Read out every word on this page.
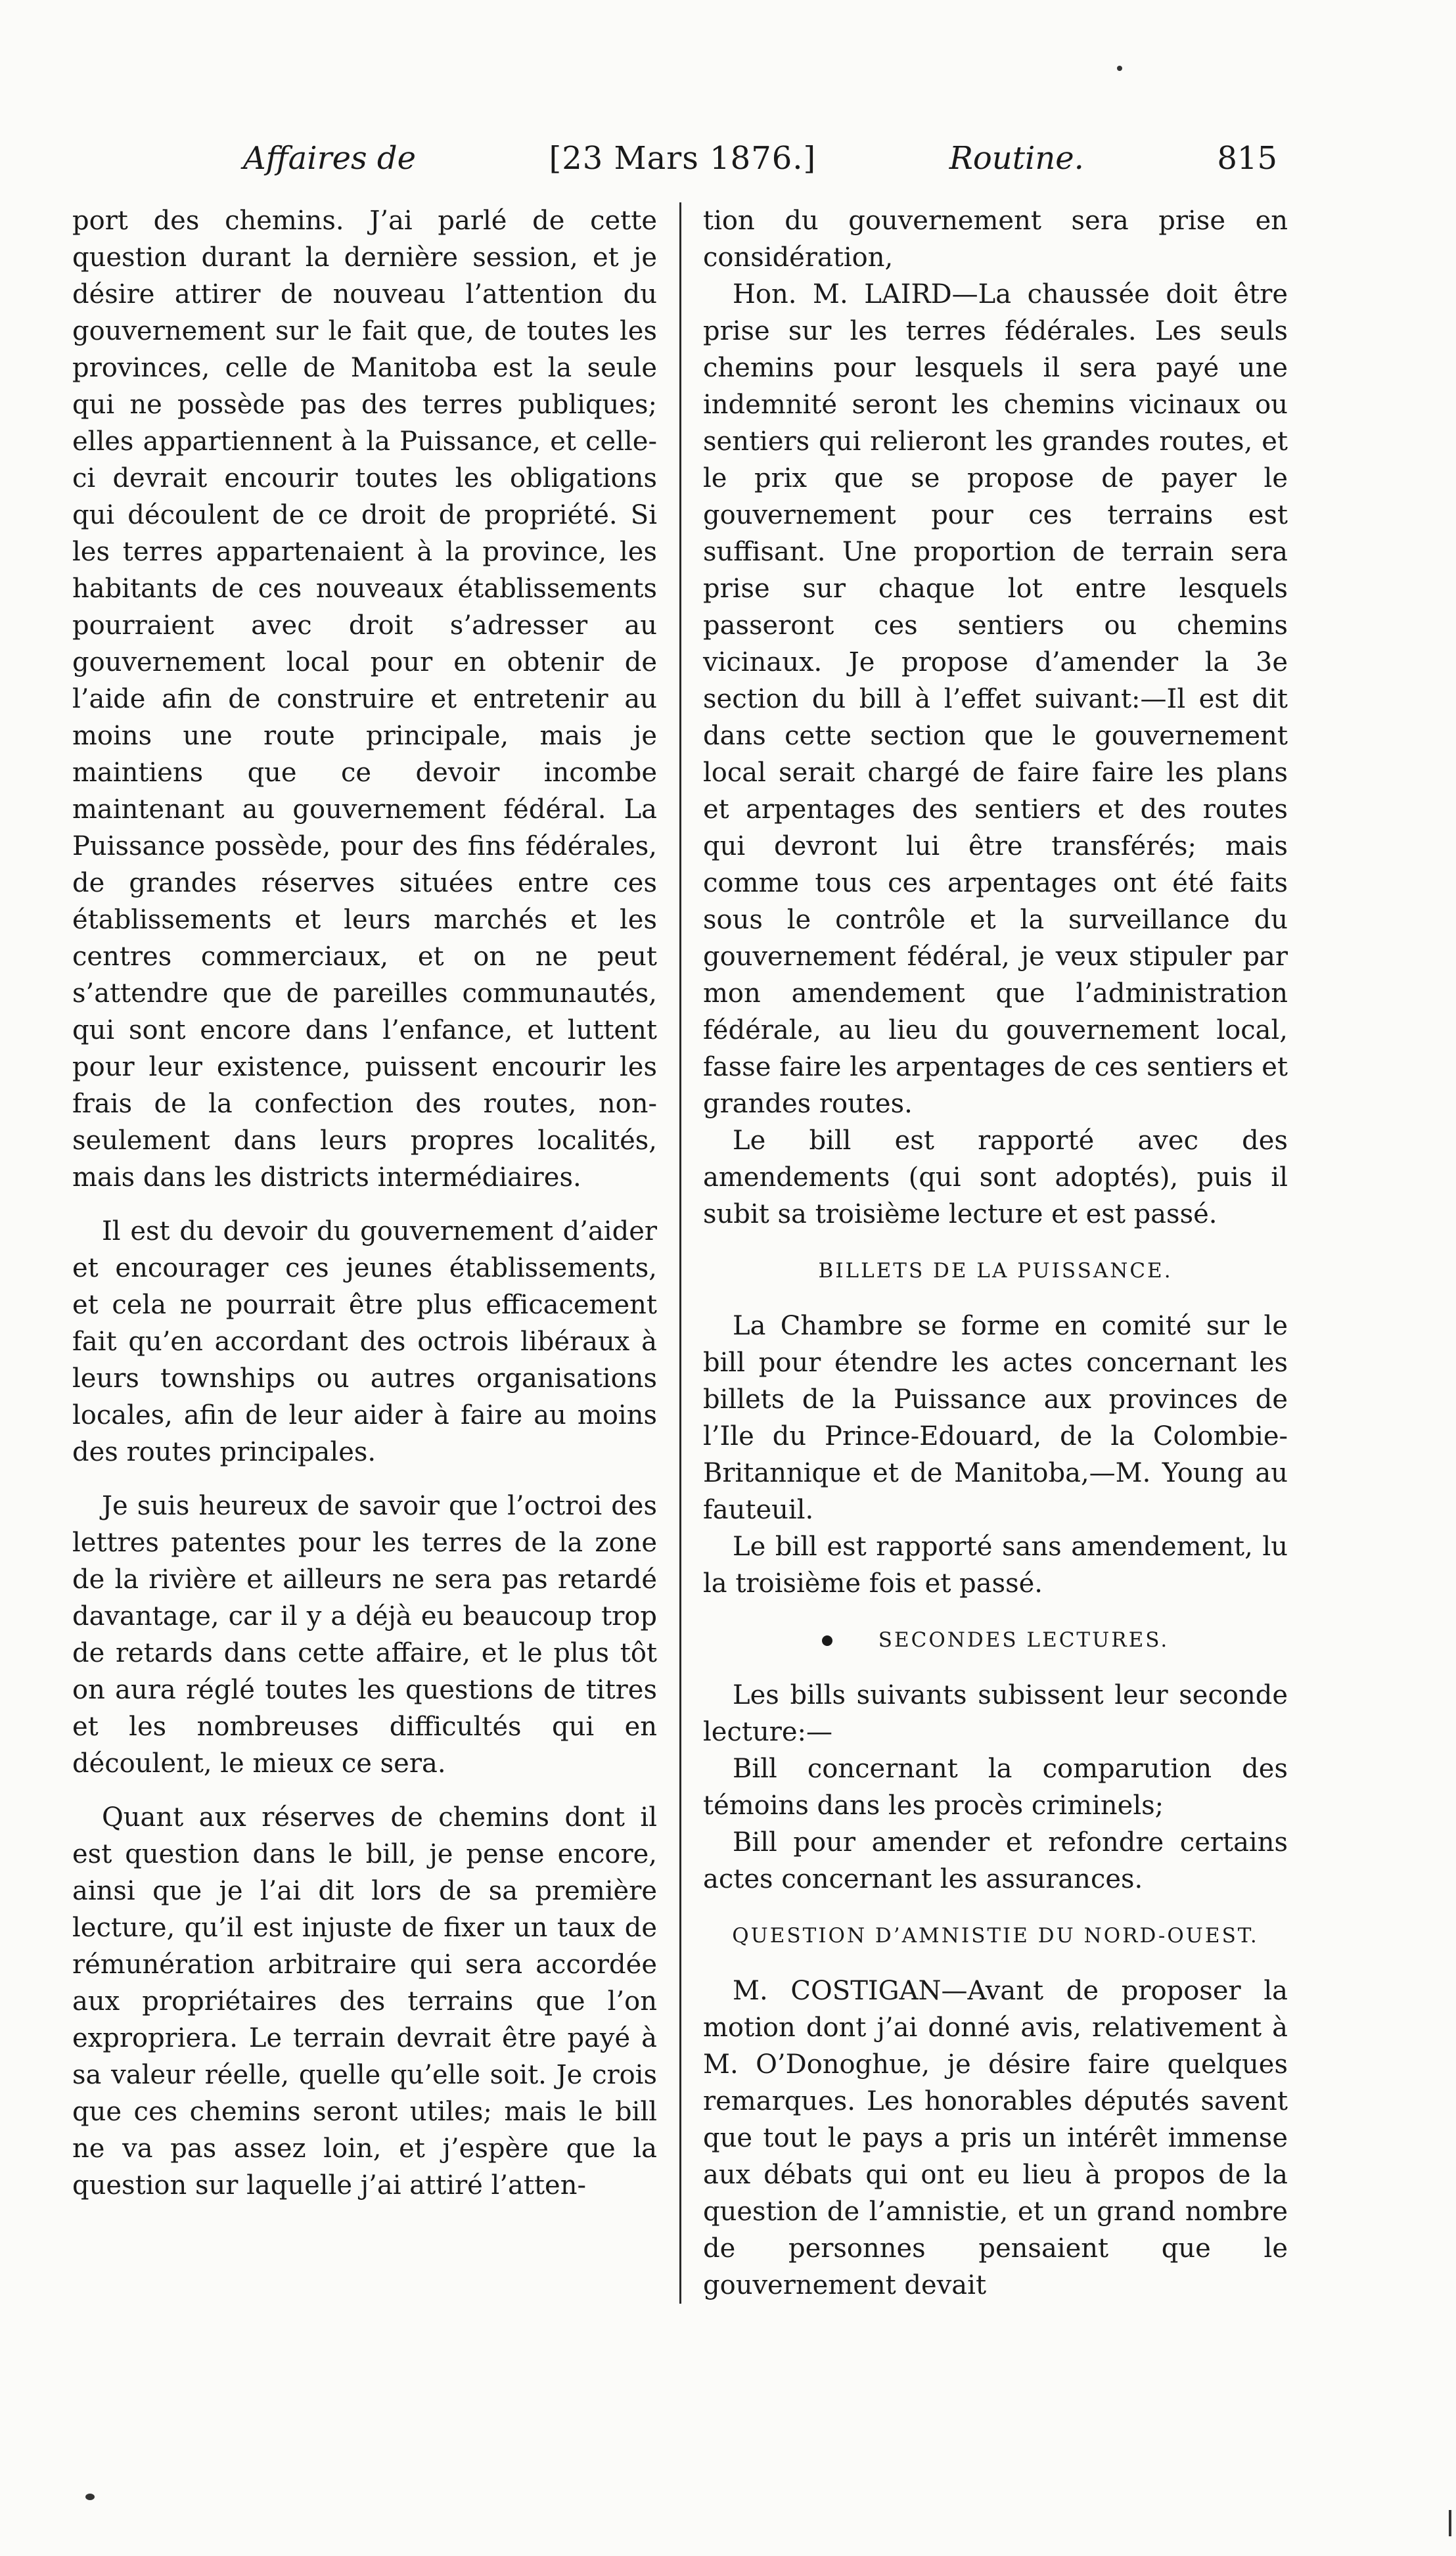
Affaires de	[23 Mars 1876.]	Routine.	815

port des chemins. J’ai parlé de cette question durant la dernière session, et je désire attirer de nouveau l’attention du gouvernement sur le fait que, de toutes les provinces, celle de Manitoba est la seule qui ne possède pas des terres publiques; elles appartiennent à la Puissance, et celle-ci devrait encourir toutes les obligations qui découlent de ce droit de propriété. Si les terres appartenaient à la province, les habitants de ces nouveaux établissements pourraient avec droit s’adresser au gouvernement local pour en obtenir de l’aide afin de construire et entretenir au moins une route principale, mais je maintiens que ce devoir incombe maintenant au gouvernement fédéral. La Puissance possède, pour des fins fédérales, de grandes réserves situées entre ces établissements et leurs marchés et les centres commerciaux, et on ne peut s’attendre que de pareilles communautés, qui sont encore dans l’enfance, et luttent pour leur existence, puissent encourir les frais de la confection des routes, non-seulement dans leurs propres localités, mais dans les districts intermédiaires.

Il est du devoir du gouvernement d’aider et encourager ces jeunes établissements, et cela ne pourrait être plus efficacement fait qu’en accordant des octrois libéraux à leurs townships ou autres organisations locales, afin de leur aider à faire au moins des routes principales.

Je suis heureux de savoir que l’octroi des lettres patentes pour les terres de la zone de la rivière et ailleurs ne sera pas retardé davantage, car il y a déjà eu beaucoup trop de retards dans cette affaire, et le plus tôt on aura réglé toutes les questions de titres et les nombreuses difficultés qui en découlent, le mieux ce sera.

Quant aux réserves de chemins dont il est question dans le bill, je pense encore, ainsi que je l’ai dit lors de sa première lecture, qu’il est injuste de fixer un taux de rémunération arbitraire qui sera accordée aux propriétaires des terrains que l’on expropriera. Le terrain devrait être payé à sa valeur réelle, quelle qu’elle soit. Je crois que ces chemins seront utiles; mais le bill ne va pas assez loin, et j’espère que la question sur laquelle j’ai attiré l’atten-

tion du gouvernement sera prise en considération,

Hon. M. LAIRD—La chaussée doit être prise sur les terres fédérales. Les seuls chemins pour lesquels il sera payé une indemnité seront les chemins vicinaux ou sentiers qui relieront les grandes routes, et le prix que se propose de payer le gouvernement pour ces terrains est suffisant. Une proportion de terrain sera prise sur chaque lot entre lesquels passeront ces sentiers ou chemins vicinaux. Je propose d’amender la 3e section du bill à l’effet suivant:—Il est dit dans cette section que le gouvernement local serait chargé de faire faire les plans et arpentages des sentiers et des routes qui devront lui être transférés; mais comme tous ces arpentages ont été faits sous le contrôle et la surveillance du gouvernement fédéral, je veux stipuler par mon amendement que l’administration fédérale, au lieu du gouvernement local, fasse faire les arpentages de ces sentiers et grandes routes.

Le bill est rapporté avec des amendements (qui sont adoptés), puis il subit sa troisième lecture et est passé.

BILLETS DE LA PUISSANCE.

La Chambre se forme en comité sur le bill pour étendre les actes concernant les billets de la Puissance aux provinces de l’Ile du Prince-Edouard, de la Colombie-Britannique et de Manitoba,—M. Young au fauteuil.

Le bill est rapporté sans amendement, lu la troisième fois et passé.

SECONDES LECTURES.

Les bills suivants subissent leur seconde lecture:—

Bill concernant la comparution des témoins dans les procès criminels;

Bill pour amender et refondre certains actes concernant les assurances.

QUESTION D’AMNISTIE DU NORD-OUEST.

M. COSTIGAN—Avant de proposer la motion dont j’ai donné avis, relativement à M. O’Donoghue, je désire faire quelques remarques. Les honorables députés savent que tout le pays a pris un intérêt immense aux débats qui ont eu lieu à propos de la question de l’amnistie, et un grand nombre de personnes pensaient que le gouvernement devait
